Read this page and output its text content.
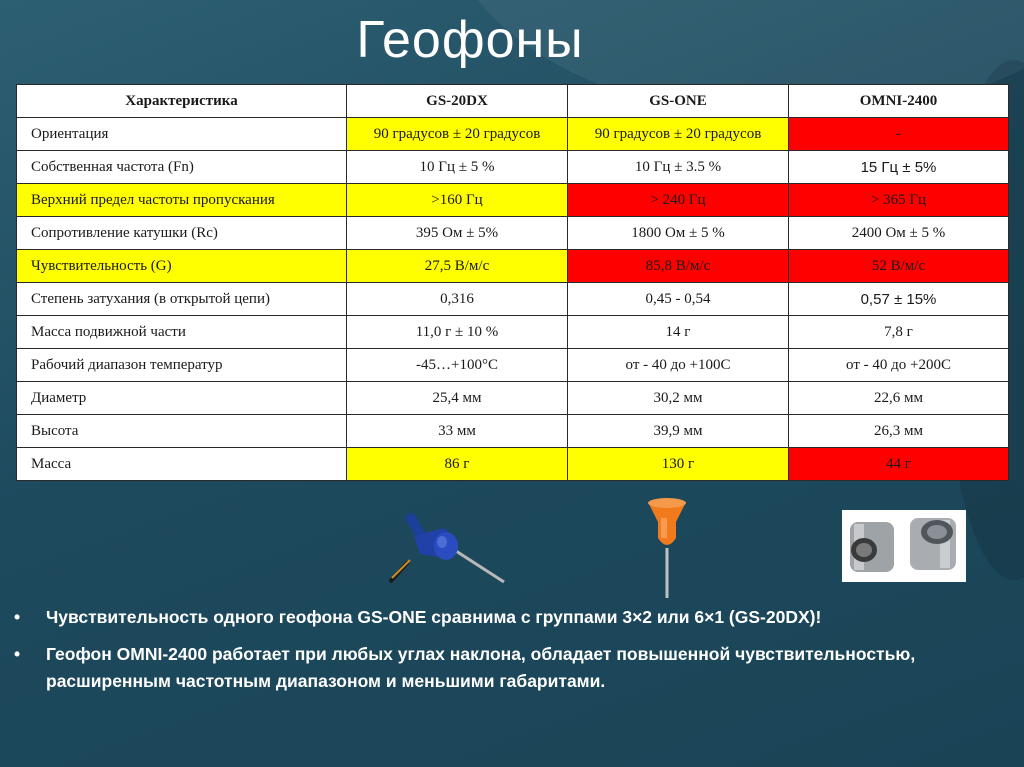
Геофоны
Характеристика	GS-20DX	GS-ONE	OMNI-2400
Ориентация	90 градусов ± 20 градусов	90 градусов ± 20 градусов	-
Собственная частота (Fn)	10 Гц ± 5 %	10 Гц ± 3.5 %	15 Гц ± 5%
Верхний предел частоты пропускания	>160 Гц	> 240 Гц	> 365 Гц
Сопротивление катушки (Rc)	395 Ом ± 5%	1800 Ом ± 5 %	2400 Ом ± 5 %
Чувствительность (G)	27,5 В/м/с	85,8 В/м/с	52 В/м/с
Степень затухания (в открытой цепи)	0,316	0,45 - 0,54	0,57 ± 15%
Масса подвижной части	11,0 г ± 10 %	14 г	7,8 г
Рабочий диапазон температур	-45…+100°С	от - 40 до +100С	от - 40 до +200С
Диаметр	25,4 мм	30,2 мм	22,6 мм
Высота	33 мм	39,9 мм	26,3 мм
Масса	86 г	130 г	44 г
• Чувствительность одного геофона GS-ONE сравнима с группами 3×2 или 6×1 (GS-20DX)!
• Геофон OMNI-2400 работает при любых углах наклона, обладает повышенной чувствительностью, расширенным частотным диапазоном и меньшими габаритами.
